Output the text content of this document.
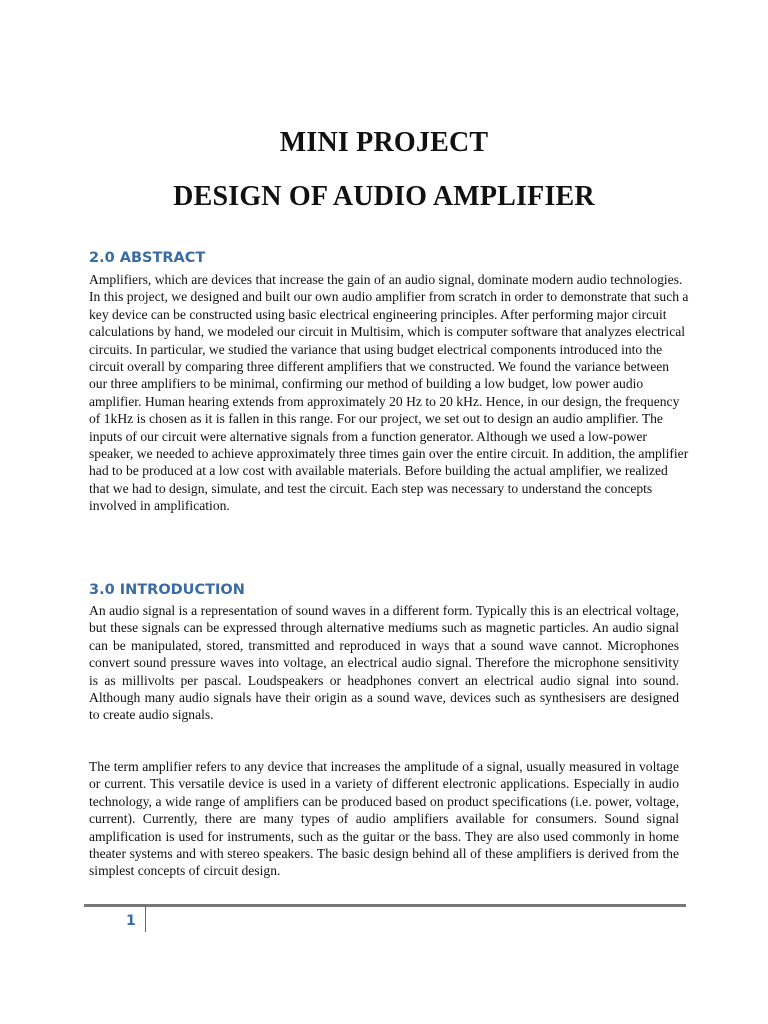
MINI PROJECT
DESIGN OF AUDIO AMPLIFIER
2.0 ABSTRACT

Amplifiers, which are devices that increase the gain of an audio signal, dominate modern audio technologies. In this project, we designed and built our own audio amplifier from scratch in order to demonstrate that such a key device can be constructed using basic electrical engineering principles. After performing major circuit calculations by hand, we modeled our circuit in Multisim, which is computer software that analyzes electrical circuits. In particular, we studied the variance that using budget electrical components introduced into the circuit overall by comparing three different amplifiers that we constructed. We found the variance between our three amplifiers to be minimal, confirming our method of building a low budget, low power audio amplifier. Human hearing extends from approximately 20 Hz to 20 kHz. Hence, in our design, the frequency of 1kHz is chosen as it is fallen in this range. For our project, we set out to design an audio amplifier. The inputs of our circuit were alternative signals from a function generator. Although we used a low-power speaker, we needed to achieve approximately three times gain over the entire circuit. In addition, the amplifier had to be produced at a low cost with available materials. Before building the actual amplifier, we realized that we had to design, simulate, and test the circuit. Each step was necessary to understand the concepts involved in amplification.

3.0 INTRODUCTION

An audio signal is a representation of sound waves in a different form. Typically this is an electrical voltage, but these signals can be expressed through alternative mediums such as magnetic particles. An audio signal can be manipulated, stored, transmitted and reproduced in ways that a sound wave cannot. Microphones convert sound pressure waves into voltage, an electrical audio signal. Therefore the microphone sensitivity is as millivolts per pascal. Loudspeakers or headphones convert an electrical audio signal into sound. Although many audio signals have their origin as a sound wave, devices such as synthesisers are designed to create audio signals.

The term amplifier refers to any device that increases the amplitude of a signal, usually measured in voltage or current. This versatile device is used in a variety of different electronic applications. Especially in audio technology, a wide range of amplifiers can be produced based on product specifications (i.e. power, voltage, current). Currently, there are many types of audio amplifiers available for consumers. Sound signal amplification is used for instruments, such as the guitar or the bass. They are also used commonly in home theater systems and with stereo speakers. The basic design behind all of these amplifiers is derived from the simplest concepts of circuit design.

1
